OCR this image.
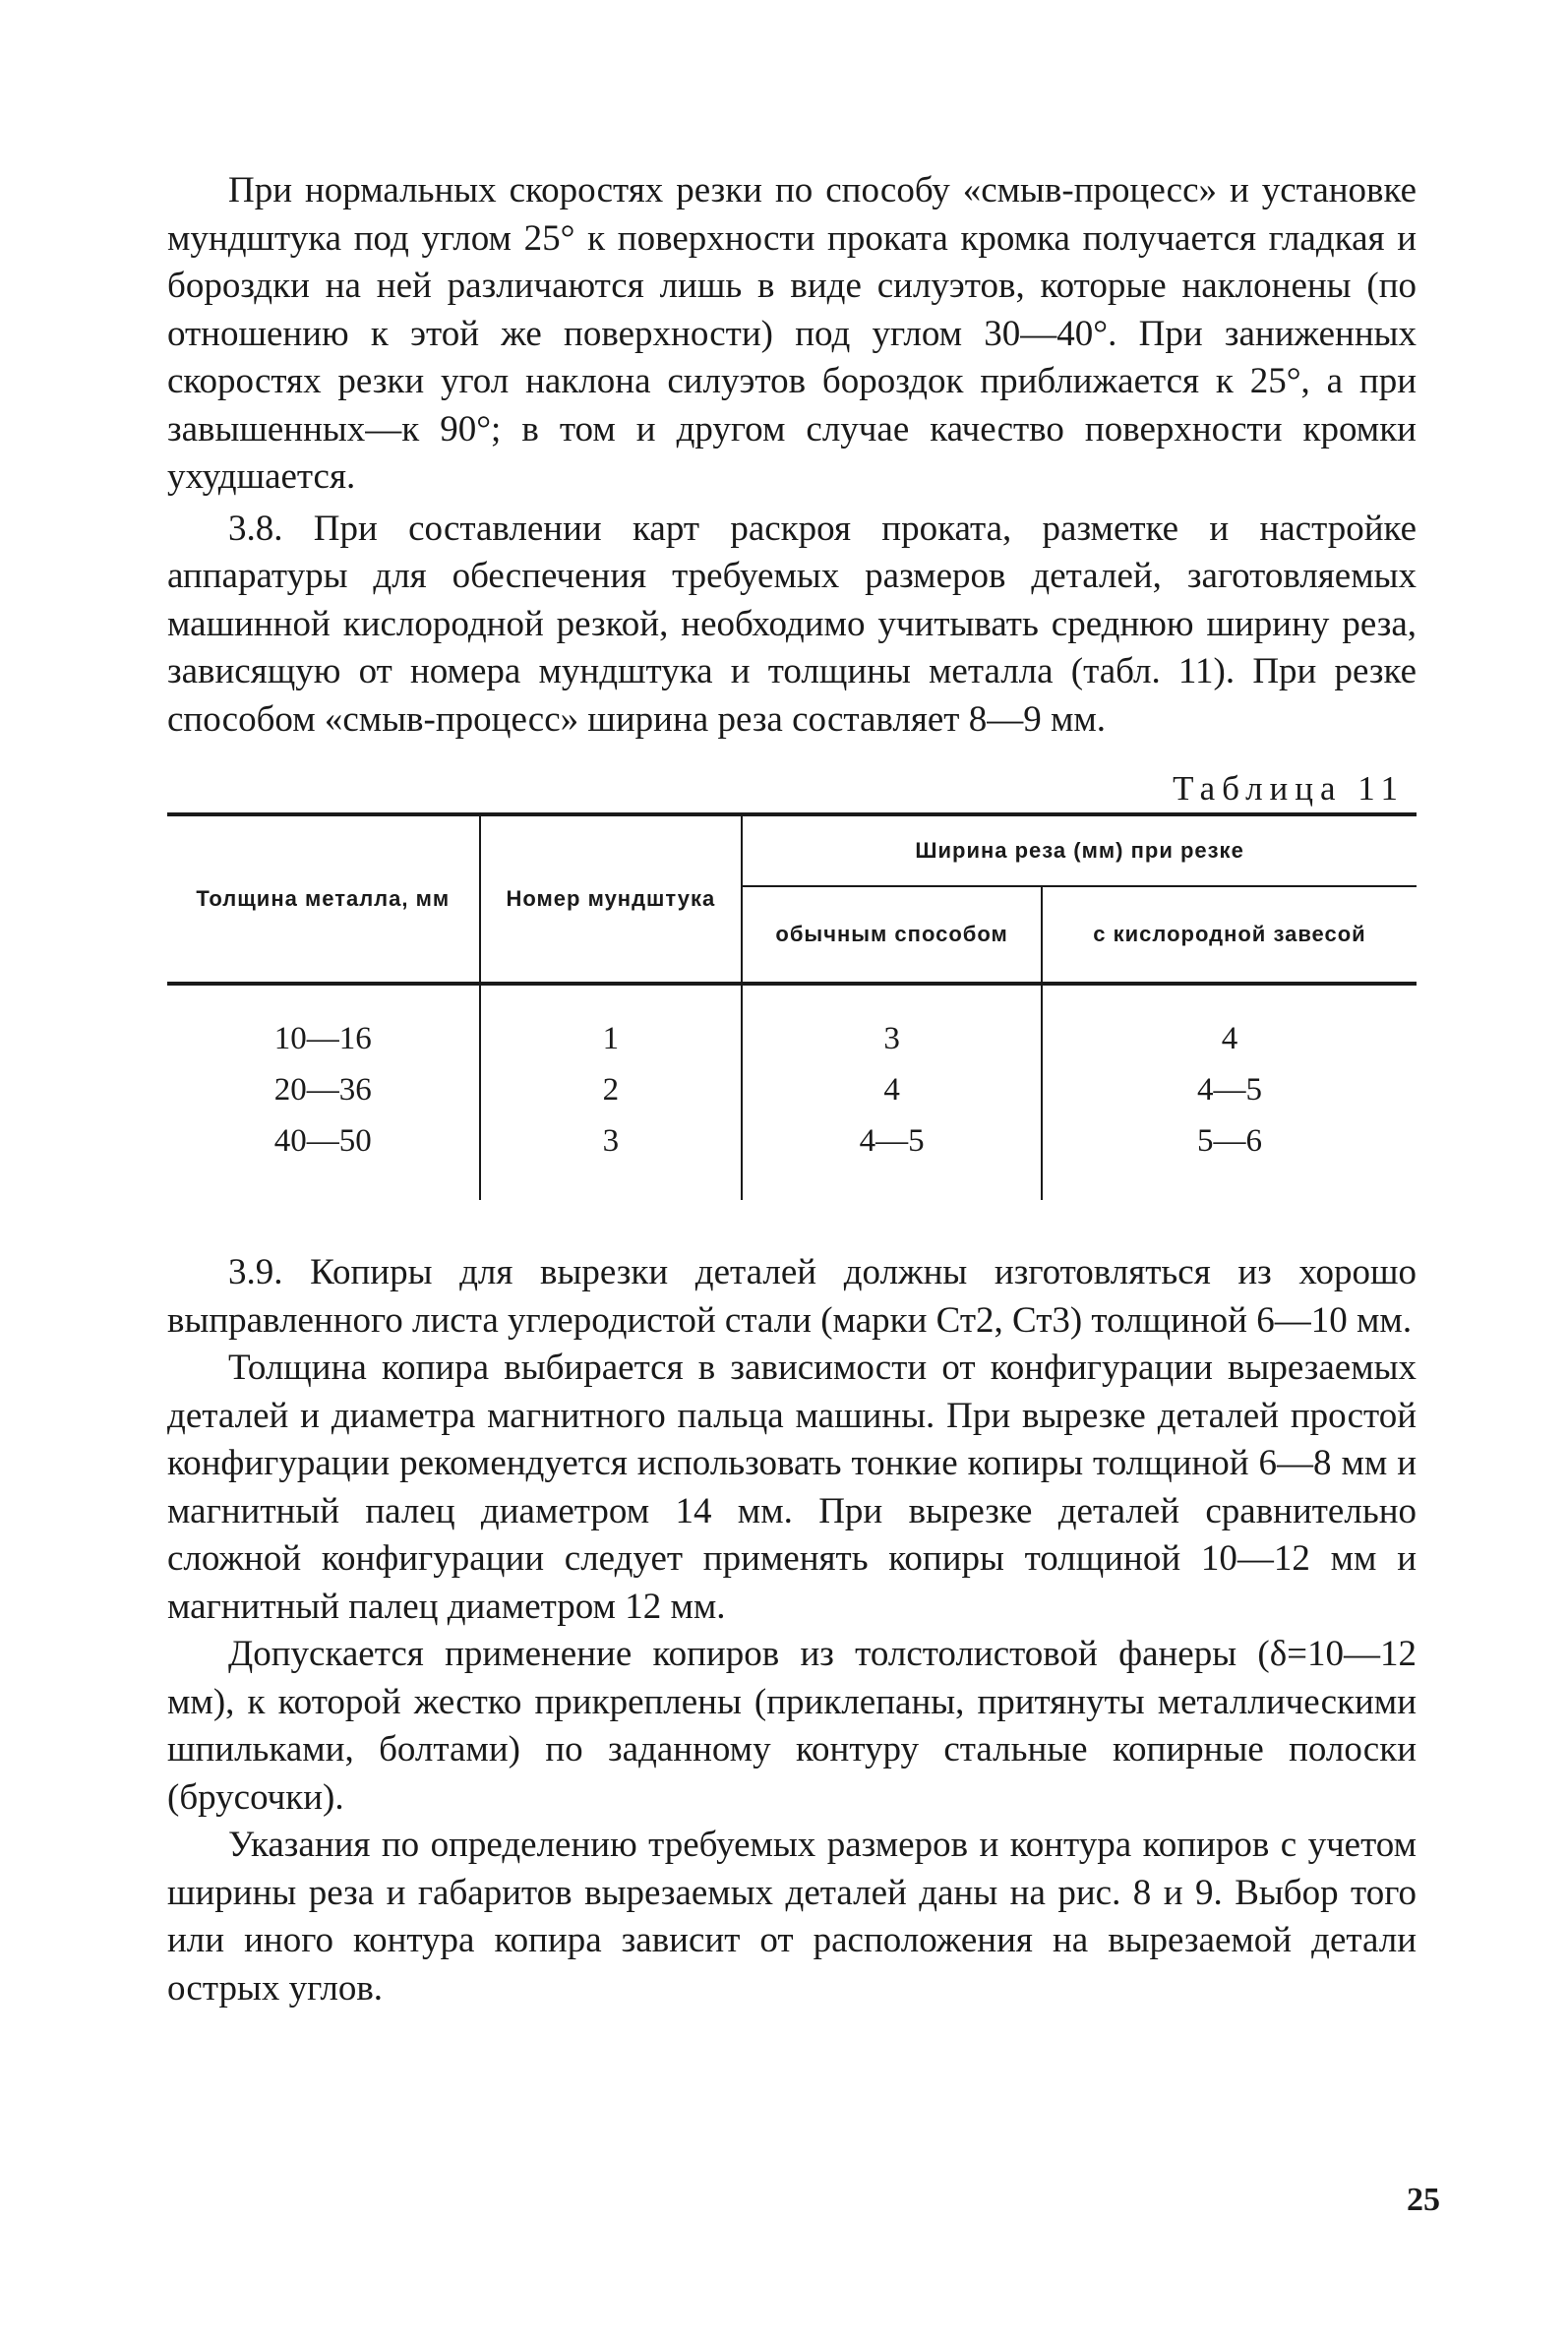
При нормальных скоростях резки по способу «смыв-процесс» и установке мундштука под углом 25° к поверхности проката кромка получается гладкая и бороздки на ней различаются лишь в виде силуэтов, которые наклонены (по отношению к этой же поверхности) под углом 30—40°. При заниженных скоростях резки угол наклона силуэтов бороздок приближается к 25°, а при завышенных—к 90°; в том и другом случае качество поверхности кромки ухудшается.

3.8. При составлении карт раскроя проката, разметке и настройке аппаратуры для обеспечения требуемых размеров деталей, заготовляемых машинной кислородной резкой, необходимо учитывать среднюю ширину реза, зависящую от номера мундштука и толщины металла (табл. 11). При резке способом «смыв-процесс» ширина реза составляет 8—9 мм.

Таблица 11
Толщина металла, мм	Номер мундштука	Ширина реза (мм) при резке	
		обычным способом	с кислородной завесой
10—16	1	3	4
20—36	2	4	4—5
40—50	3	4—5	5—6

3.9. Копиры для вырезки деталей должны изготовляться из хорошо выправленного листа углеродистой стали (марки Ст2, Ст3) толщиной 6—10 мм.

Толщина копира выбирается в зависимости от конфигурации вырезаемых деталей и диаметра магнитного пальца машины. При вырезке деталей простой конфигурации рекомендуется использовать тонкие копиры толщиной 6—8 мм и магнитный палец диаметром 14 мм. При вырезке деталей сравнительно сложной конфигурации следует применять копиры толщиной 10—12 мм и магнитный палец диаметром 12 мм.

Допускается применение копиров из толстолистовой фанеры (δ=10—12 мм), к которой жестко прикреплены (приклепаны, притянуты металлическими шпильками, болтами) по заданному контуру стальные копирные полоски (брусочки).

Указания по определению требуемых размеров и контура копиров с учетом ширины реза и габаритов вырезаемых деталей даны на рис. 8 и 9. Выбор того или иного контура копира зависит от расположения на вырезаемой детали острых углов.

25
